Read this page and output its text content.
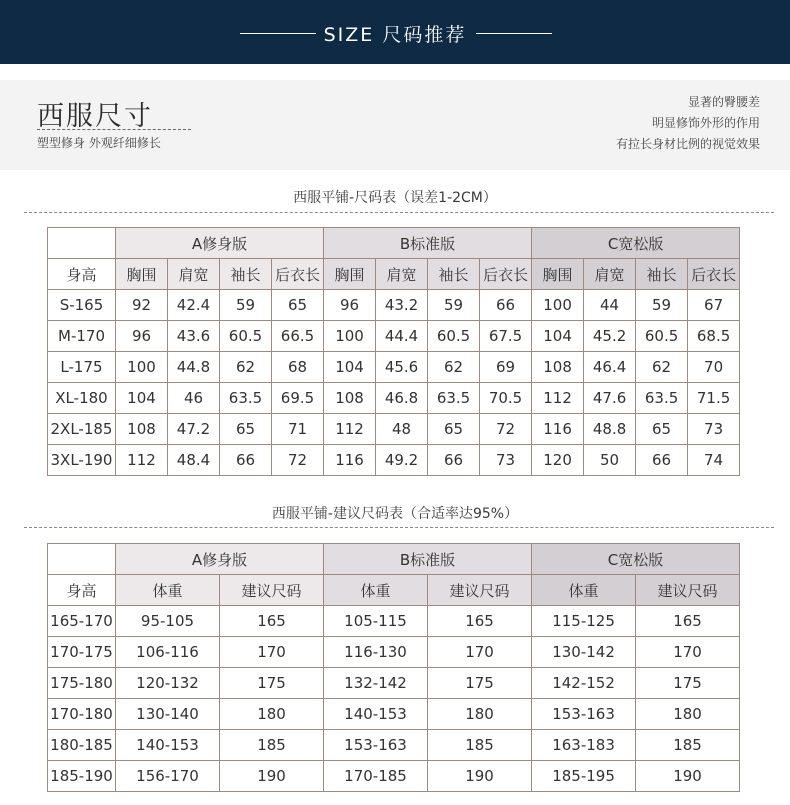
SIZE 尺码推荐
西服尺寸
塑型修身 外观纤细修长
显著的臀腰差
明显修饰外形的作用
有拉长身材比例的视觉效果
西服平铺-尺码表（误差1-2CM）
	A修身版				B标准版				C宽松版			
身高	胸围	肩宽	袖长	后衣长	胸围	肩宽	袖长	后衣长	胸围	肩宽	袖长	后衣长
S-165	92	42.4	59	65	96	43.2	59	66	100	44	59	67
M-170	96	43.6	60.5	66.5	100	44.4	60.5	67.5	104	45.2	60.5	68.5
L-175	100	44.8	62	68	104	45.6	62	69	108	46.4	62	70
XL-180	104	46	63.5	69.5	108	46.8	63.5	70.5	112	47.6	63.5	71.5
2XL-185	108	47.2	65	71	112	48	65	72	116	48.8	65	73
3XL-190	112	48.4	66	72	116	49.2	66	73	120	50	66	74
西服平铺-建议尺码表（合适率达95%）
	A修身版		B标准版		C宽松版	
身高	体重	建议尺码	体重	建议尺码	体重	建议尺码
165-170	95-105	165	105-115	165	115-125	165
170-175	106-116	170	116-130	170	130-142	170
175-180	120-132	175	132-142	175	142-152	175
170-180	130-140	180	140-153	180	153-163	180
180-185	140-153	185	153-163	185	163-183	185
185-190	156-170	190	170-185	190	185-195	190
